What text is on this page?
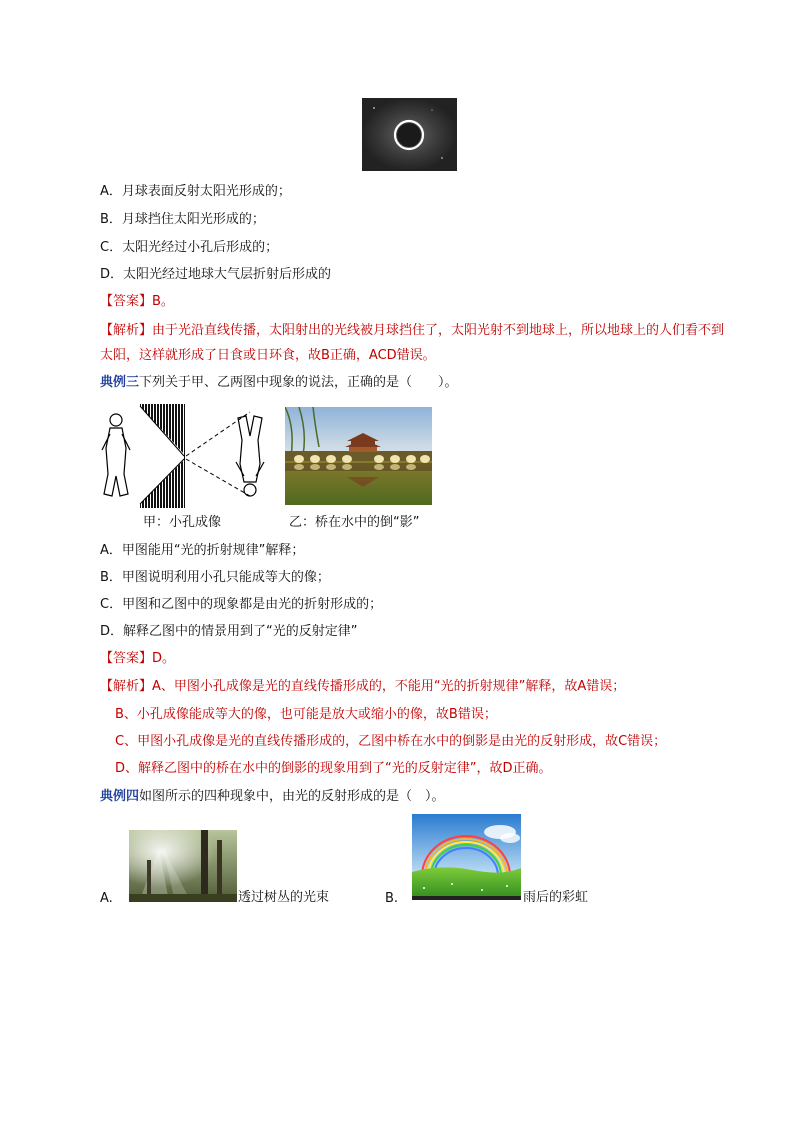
A．月球表面反射太阳光形成的；
B．月球挡住太阳光形成的；
C．太阳光经过小孔后形成的；
D．太阳光经过地球大气层折射后形成的
【答案】B。
【解析】由于光沿直线传播，太阳射出的光线被月球挡住了，太阳光射不到地球上，所以地球上的人们看不到太阳，这样就形成了日食或日环食，故B正确，ACD错误。
典例三下列关于甲、乙两图中现象的说法，正确的是（　　）。
甲：小孔成像	乙：桥在水中的倒“影”
A．甲图能用“光的折射规律”解释；
B．甲图说明利用小孔只能成等大的像；
C．甲图和乙图中的现象都是由光的折射形成的；
D．解释乙图中的情景用到了“光的反射定律”
【答案】D。
【解析】A、甲图小孔成像是光的直线传播形成的，不能用“光的折射规律”解释，故A错误；
B、小孔成像能成等大的像，也可能是放大或缩小的像，故B错误；
C、甲图小孔成像是光的直线传播形成的，乙图中桥在水中的倒影是由光的反射形成，故C错误；
D、解释乙图中的桥在水中的倒影的现象用到了“光的反射定律”，故D正确。
典例四如图所示的四种现象中，由光的反射形成的是（　）。
A.	透过树丛的光束	B.	雨后的彩虹
